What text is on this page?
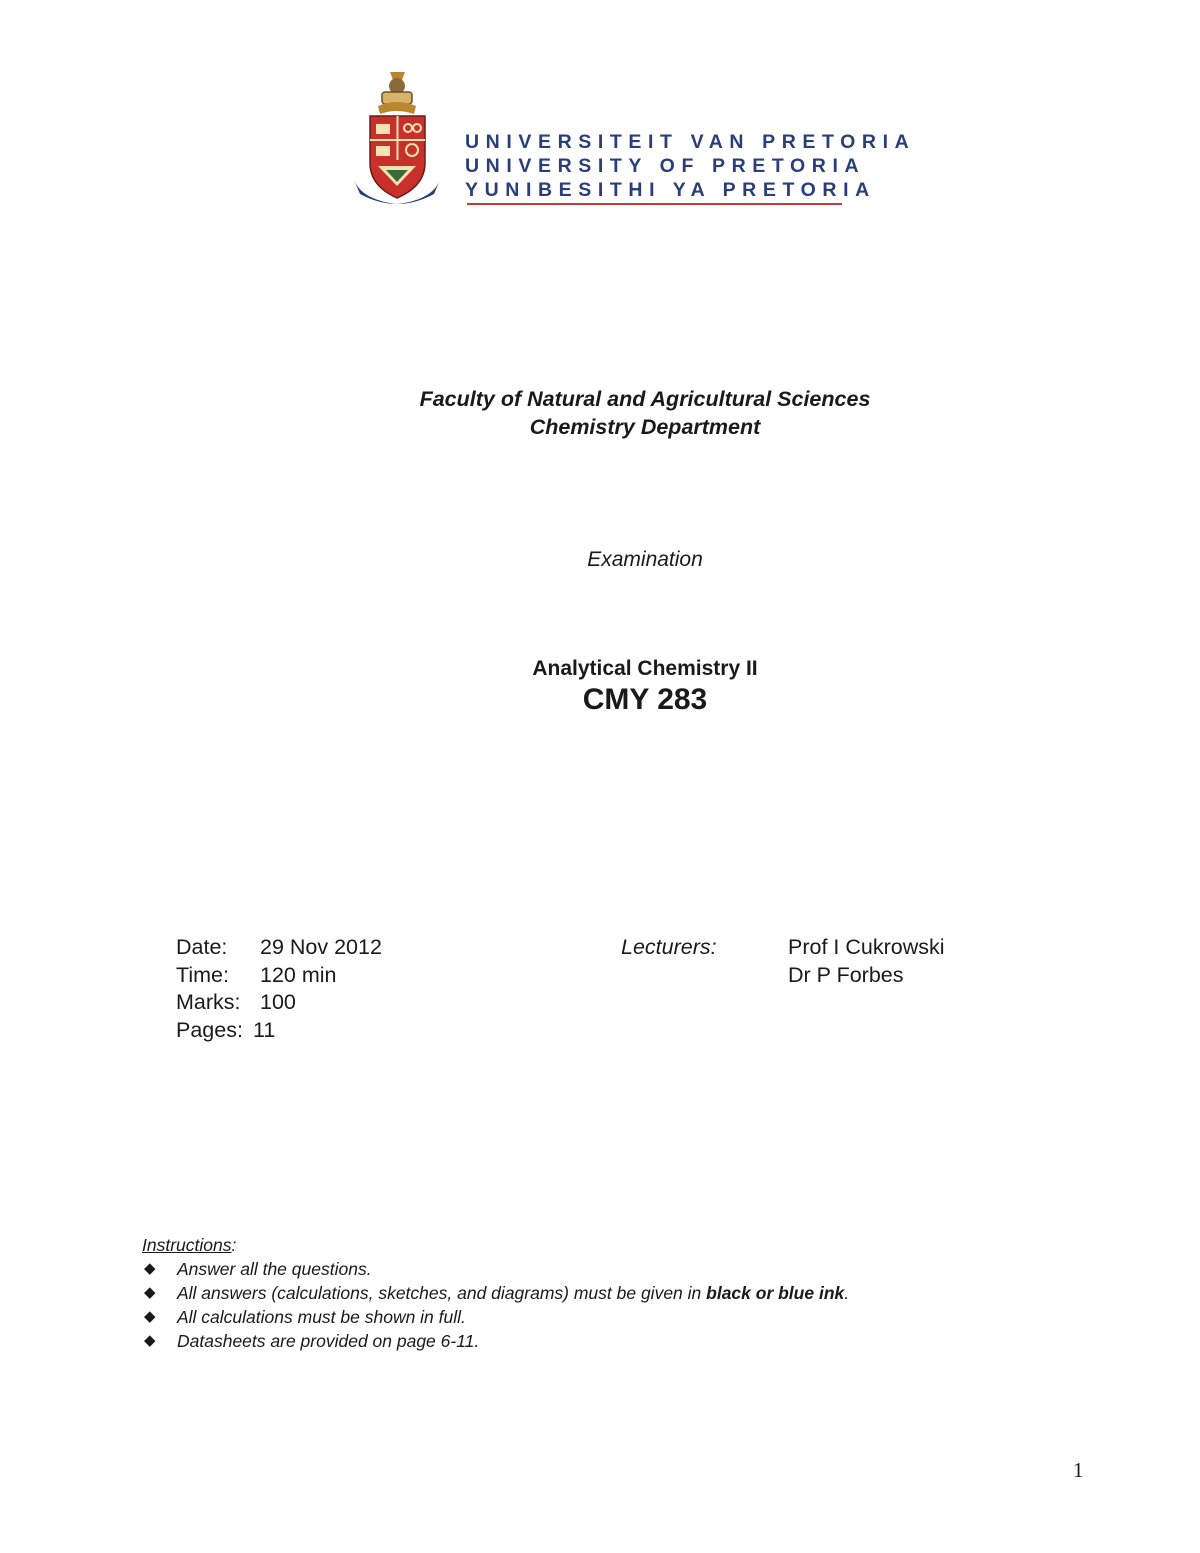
UNIVERSITEIT VAN PRETORIA
UNIVERSITY OF PRETORIA
YUNIBESITHI YA PRETORIA
Faculty of Natural and Agricultural Sciences
Chemistry Department
Examination
Analytical Chemistry II
CMY 283
Date: 29 Nov 2012
Time: 120 min
Marks: 100
Pages: 11
Lecturers:	Prof I Cukrowski
Dr P Forbes
Instructions:
◆ Answer all the questions.
◆ All answers (calculations, sketches, and diagrams) must be given in black or blue ink.
◆ All calculations must be shown in full.
◆ Datasheets are provided on page 6-11.
1
